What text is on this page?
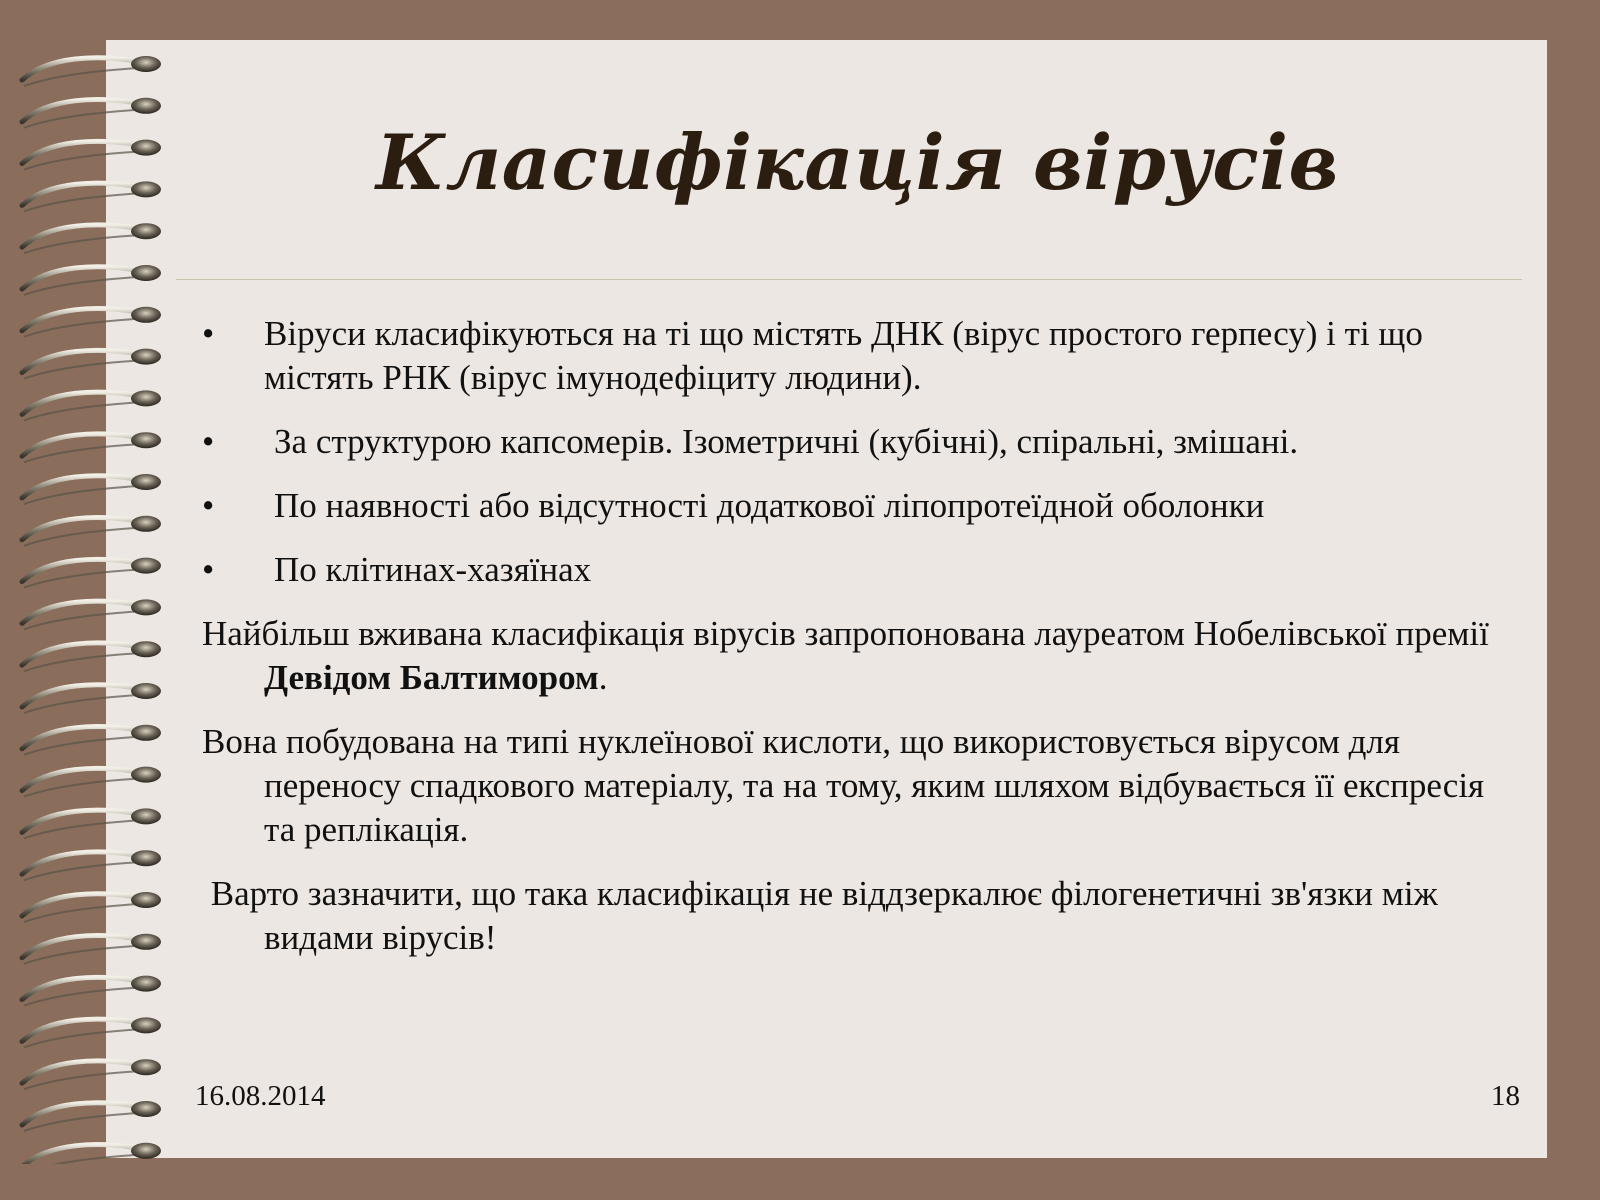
Класифікація вірусів
• Віруси класифікуються на ті що містять ДНК (вірус простого герпесу) і ті що містять РНК (вірус імунодефіциту людини).
• За структурою капсомерів. Ізометричні (кубічні), спіральні, змішані.
• По наявності або відсутності додаткової ліпопротеїдной оболонки
• По клітинах-хазяїнах
Найбільш вживана класифікація вірусів запропонована лауреатом Нобелівської премії Девідом Балтимором.
Вона побудована на типі нуклеїнової кислоти, що використовується вірусом для переносу спадкового матеріалу, та на тому, яким шляхом відбувається її експресія та реплікація.
Варто зазначити, що така класифікація не віддзеркалює філогенетичні зв'язки між видами вірусів!
16.08.2014	18
